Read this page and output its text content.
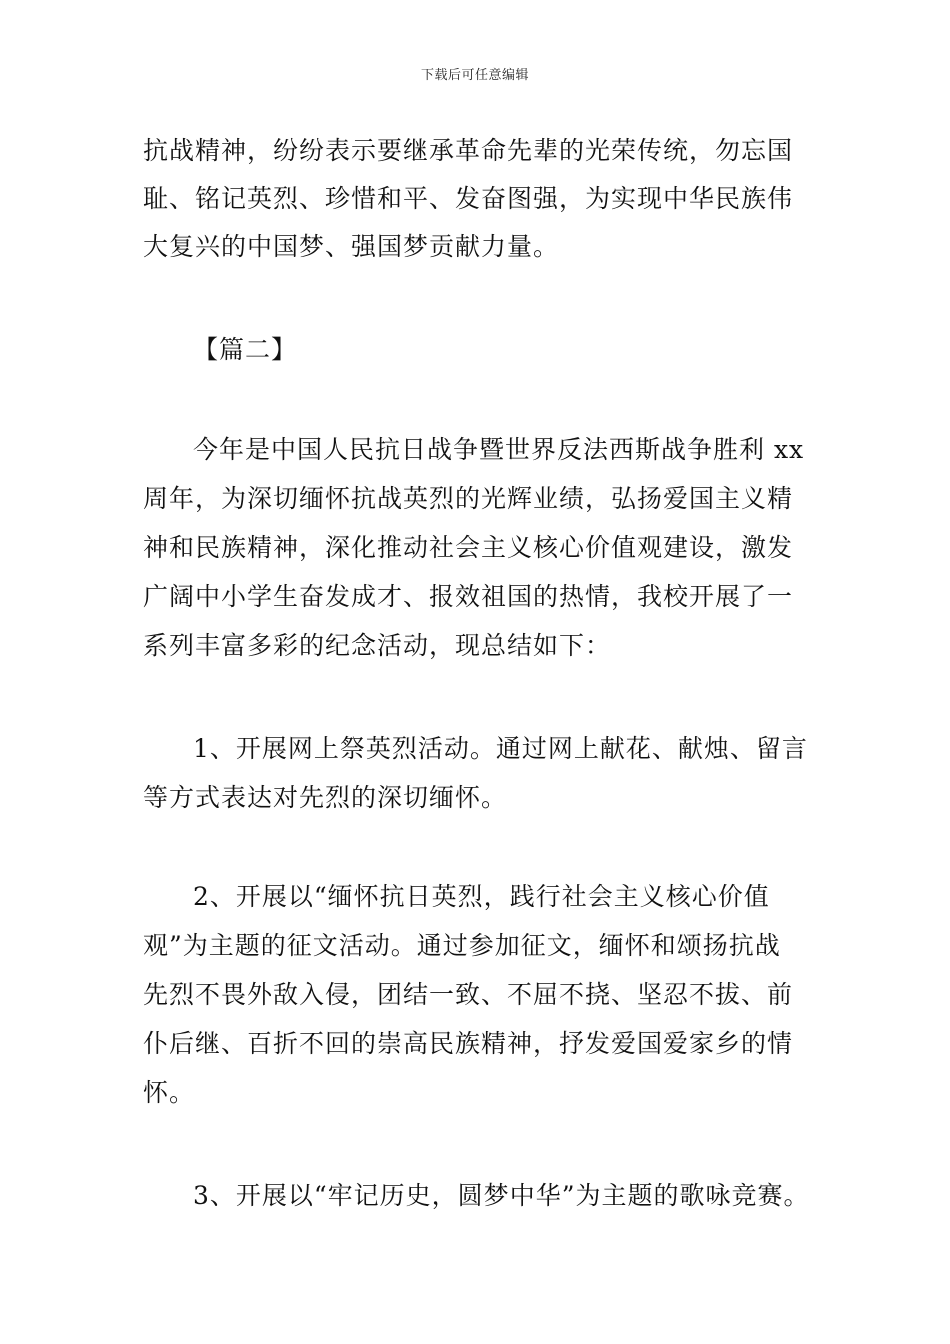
下载后可任意编辑
抗战精神，纷纷表示要继承革命先辈的光荣传统，勿忘国
耻、铭记英烈、珍惜和平、发奋图强，为实现中华民族伟
大复兴的中国梦、强国梦贡献力量。
【篇二】
今年是中国人民抗日战争暨世界反法西斯战争胜利 xx
周年，为深切缅怀抗战英烈的光辉业绩，弘扬爱国主义精
神和民族精神，深化推动社会主义核心价值观建设，激发
广阔中小学生奋发成才、报效祖国的热情，我校开展了一
系列丰富多彩的纪念活动，现总结如下：
1、开展网上祭英烈活动。通过网上献花、献烛、留言
等方式表达对先烈的深切缅怀。
2、开展以“缅怀抗日英烈，践行社会主义核心价值
观”为主题的征文活动。通过参加征文，缅怀和颂扬抗战
先烈不畏外敌入侵，团结一致、不屈不挠、坚忍不拔、前
仆后继、百折不回的崇高民族精神，抒发爱国爱家乡的情
怀。
3、开展以“牢记历史，圆梦中华”为主题的歌咏竞赛。
